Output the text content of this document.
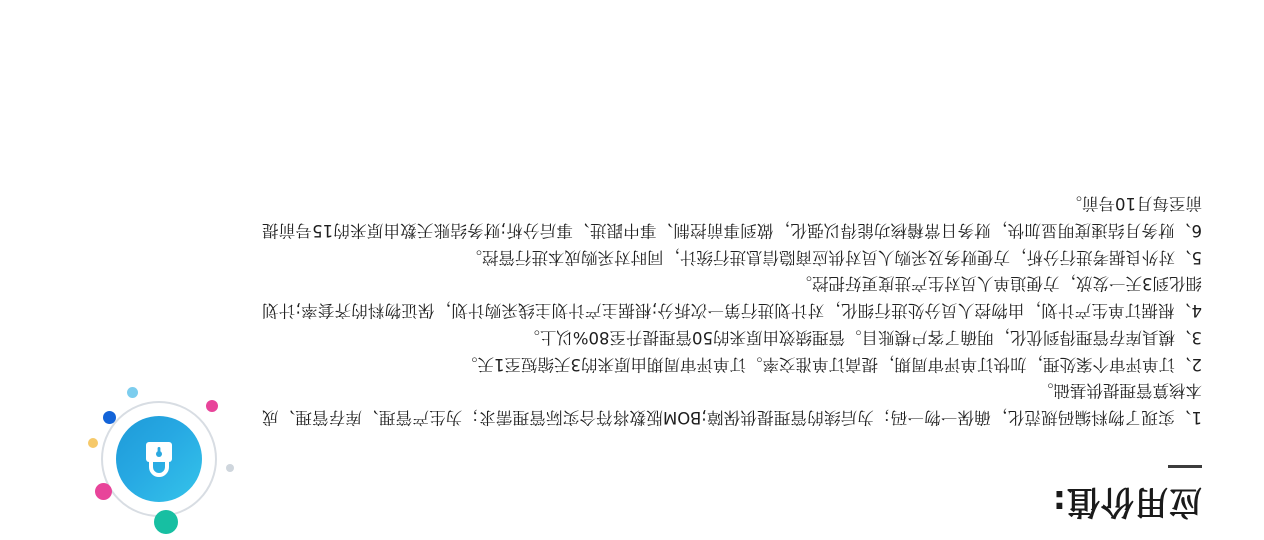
应用价值:
1、实现了物料编码规范化，确保一物一码；为后续的管理提供保障;BOM版数将符合实际管理需求；为生产管理、库存管理、成本核算管理提供基础。
2、订单评审个案处理，加快订单评审周期，提高订单准交率。订单评审周期由原来的3天缩短至1天。
3、模具库存管理得到优化，明确了客户模账目。管理绩效由原来的50管理提升至80%以上。
4、根据订单生产计划，由物控人员分处进行细化，对计划进行第一次拆分;根据主产计划主线采购计划，保证物料的齐套率;计划细化到3天一发放，方便追单人员对生产进度更好把控。
5、对外良据考进行分析，方便财务及采购人员对供应商隐信息进行统计，同时对采购成本进行管控。
6、财务月结速度明显加快，财务日常稽核功能得以强化，做到事前控制、事中跟进、事后分析;财务结账天数由原来的15号前提前至每月10号前。
